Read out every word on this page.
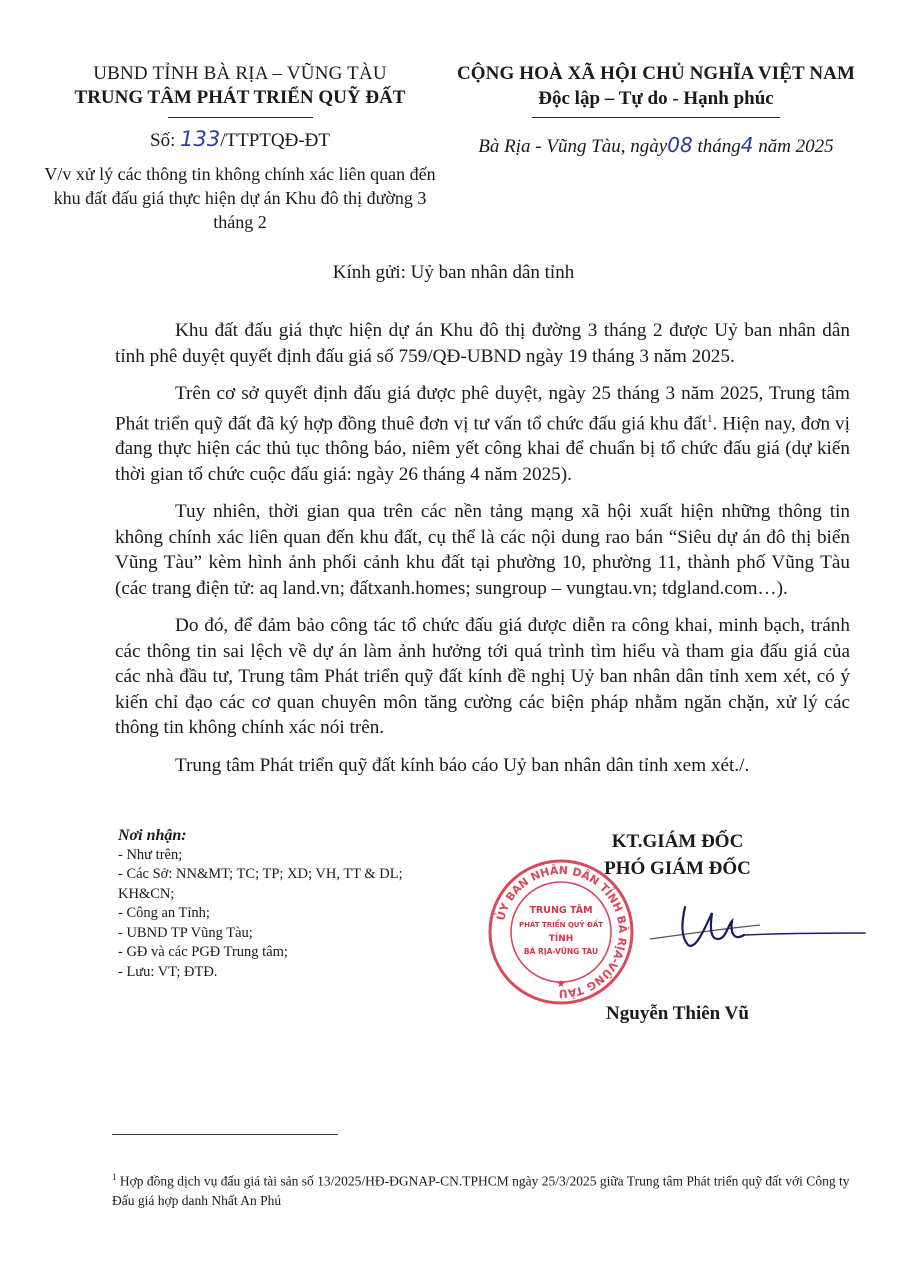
UBND TỈNH BÀ RỊA – VŨNG TÀU
TRUNG TÂM PHÁT TRIỂN QUỸ ĐẤT
Số: 133/TTPTQĐ-ĐT
V/v xử lý các thông tin không chính xác liên quan đến khu đất đấu giá thực hiện dự án Khu đô thị đường 3 tháng 2
CỘNG HOÀ XÃ HỘI CHỦ NGHĨA VIỆT NAM
Độc lập – Tự do - Hạnh phúc
Bà Rịa - Vũng Tàu, ngày08 tháng4 năm 2025
Kính gửi: Uỷ ban nhân dân tỉnh

Khu đất đấu giá thực hiện dự án Khu đô thị đường 3 tháng 2 được Uỷ ban nhân dân tỉnh phê duyệt quyết định đấu giá số 759/QĐ-UBND ngày 19 tháng 3 năm 2025.

Trên cơ sở quyết định đấu giá được phê duyệt, ngày 25 tháng 3 năm 2025, Trung tâm Phát triển quỹ đất đã ký hợp đồng thuê đơn vị tư vấn tổ chức đấu giá khu đất$^1$. Hiện nay, đơn vị đang thực hiện các thủ tục thông báo, niêm yết công khai để chuẩn bị tổ chức đấu giá (dự kiến thời gian tổ chức cuộc đấu giá: ngày 26 tháng 4 năm 2025).

Tuy nhiên, thời gian qua trên các nền tảng mạng xã hội xuất hiện những thông tin không chính xác liên quan đến khu đất, cụ thể là các nội dung rao bán “Siêu dự án đô thị biển Vũng Tàu” kèm hình ảnh phối cảnh khu đất tại phường 10, phường 11, thành phố Vũng Tàu (các trang điện tử: aq land.vn; đấtxanh.homes; sungroup – vungtau.vn; tdgland.com…).

Do đó, để đảm bảo công tác tổ chức đấu giá được diễn ra công khai, minh bạch, tránh các thông tin sai lệch về dự án làm ảnh hưởng tới quá trình tìm hiểu và tham gia đấu giá của các nhà đầu tư, Trung tâm Phát triển quỹ đất kính đề nghị Uỷ ban nhân dân tỉnh xem xét, có ý kiến chỉ đạo các cơ quan chuyên môn tăng cường các biện pháp nhằm ngăn chặn, xử lý các thông tin không chính xác nói trên.

Trung tâm Phát triển quỹ đất kính báo cáo Uỷ ban nhân dân tỉnh xem xét./.

Nơi nhận:
- Như trên;
- Các Sở: NN&MT; TC; TP; XD; VH, TT & DL; KH&CN;
- Công an Tỉnh;
- UBND TP Vũng Tàu;
- GĐ và các PGĐ Trung tâm;
- Lưu: VT; ĐTĐ.
KT.GIÁM ĐỐC
PHÓ GIÁM ĐỐC
ỦY BAN NHÂN DÂN TỈNH BÀ RỊA-VŨNG TÀU
TRUNG TÂM
PHÁT TRIỂN QUỸ ĐẤT
TỈNH
BÀ RỊA-VŨNG TÀU
★
Nguyễn Thiên Vũ
$^1$ Hợp đồng dịch vụ đấu giá tài sản số 13/2025/HĐ-ĐGNAP-CN.TPHCM ngày 25/3/2025 giữa Trung tâm Phát triển quỹ đất với Công ty Đấu giá hợp danh Nhất An Phú
